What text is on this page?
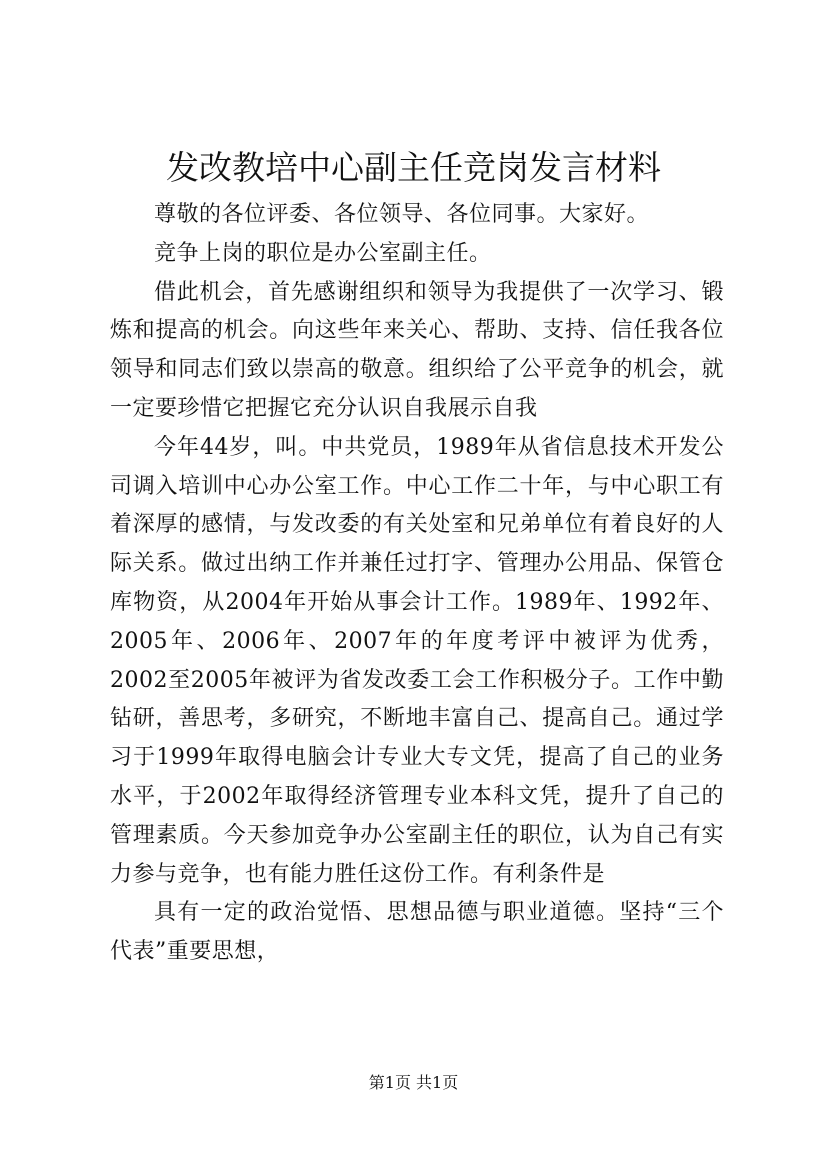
发改教培中心副主任竞岗发言材料

尊敬的各位评委、各位领导、各位同事。大家好。

竞争上岗的职位是办公室副主任。

借此机会，首先感谢组织和领导为我提供了一次学习、锻炼和提高的机会。向这些年来关心、帮助、支持、信任我各位领导和同志们致以崇高的敬意。组织给了公平竞争的机会，就一定要珍惜它把握它充分认识自我展示自我

今年44岁，叫。中共党员，1989年从省信息技术开发公司调入培训中心办公室工作。中心工作二十年，与中心职工有着深厚的感情，与发改委的有关处室和兄弟单位有着良好的人际关系。做过出纳工作并兼任过打字、管理办公用品、保管仓库物资，从2004年开始从事会计工作。1989年、1992年、2005年、2006年、2007年的年度考评中被评为优秀，2002至2005年被评为省发改委工会工作积极分子。工作中勤钻研，善思考，多研究，不断地丰富自己、提高自己。通过学习于1999年取得电脑会计专业大专文凭，提高了自己的业务水平，于2002年取得经济管理专业本科文凭，提升了自己的管理素质。今天参加竞争办公室副主任的职位，认为自己有实力参与竞争，也有能力胜任这份工作。有利条件是

具有一定的政治觉悟、思想品德与职业道德。坚持“三个代表”重要思想，

第1页 共1页
